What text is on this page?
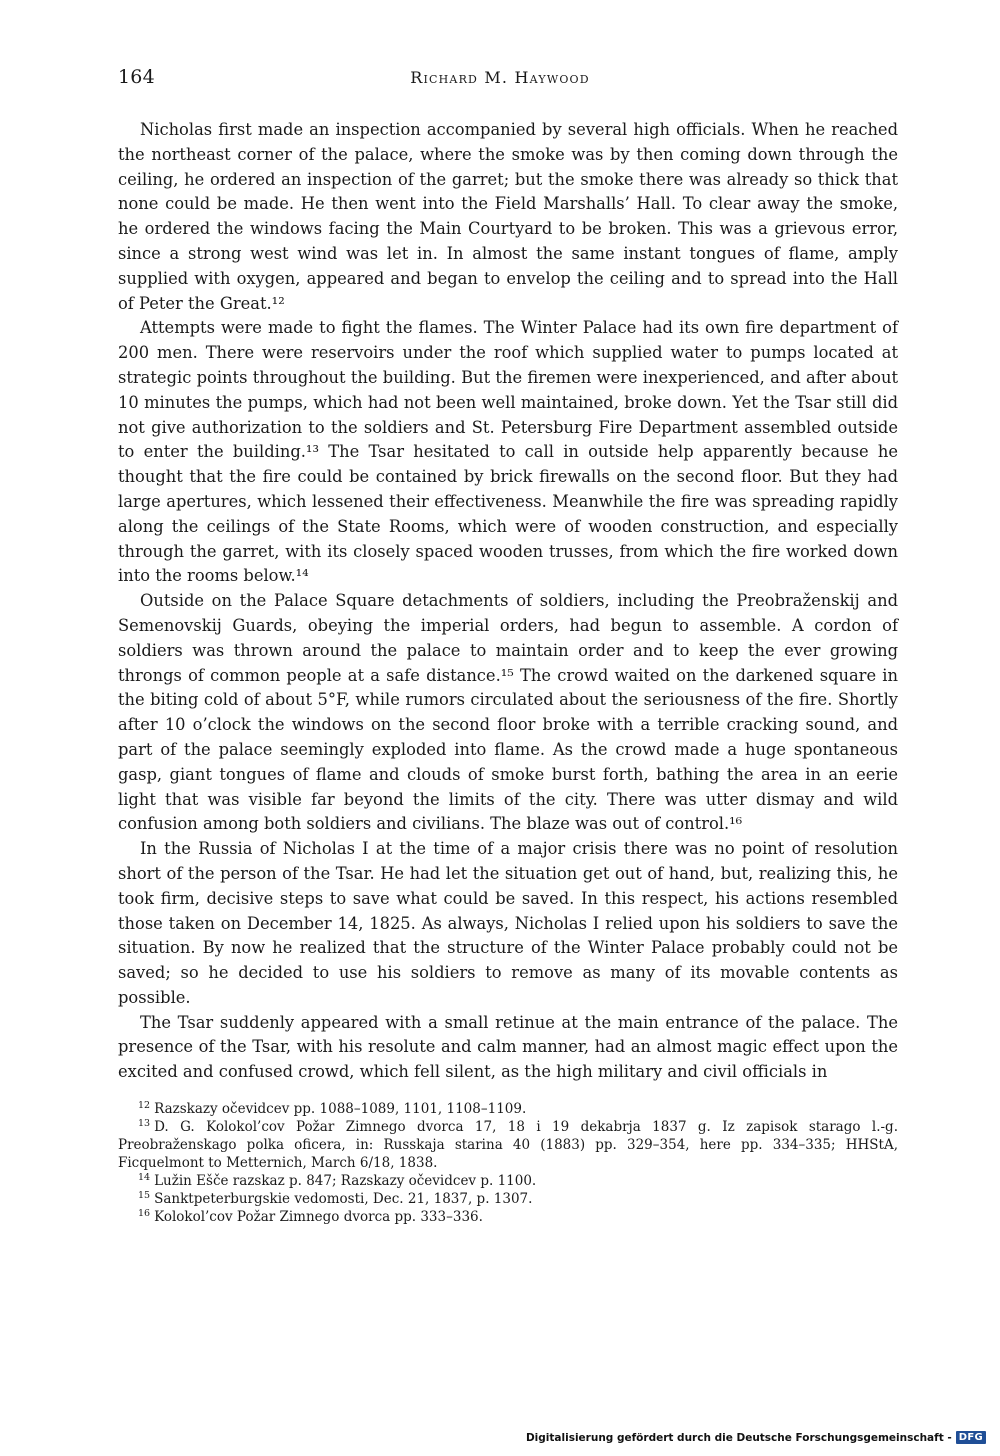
164	Richard M. Haywood

Nicholas first made an inspection accompanied by several high officials. When he reached the northeast corner of the palace, where the smoke was by then coming down through the ceiling, he ordered an inspection of the garret; but the smoke there was already so thick that none could be made. He then went into the Field Marshalls’ Hall. To clear away the smoke, he ordered the windows facing the Main Courtyard to be broken. This was a grievous error, since a strong west wind was let in. In almost the same instant tongues of flame, amply supplied with oxygen, appeared and began to envelop the ceiling and to spread into the Hall of Peter the Great.¹²

Attempts were made to fight the flames. The Winter Palace had its own fire department of 200 men. There were reservoirs under the roof which supplied water to pumps located at strategic points throughout the building. But the firemen were inexperienced, and after about 10 minutes the pumps, which had not been well maintained, broke down. Yet the Tsar still did not give authorization to the soldiers and St. Petersburg Fire Department assembled outside to enter the building.¹³ The Tsar hesitated to call in outside help apparently because he thought that the fire could be contained by brick firewalls on the second floor. But they had large apertures, which lessened their effectiveness. Meanwhile the fire was spreading rapidly along the ceilings of the State Rooms, which were of wooden construction, and especially through the garret, with its closely spaced wooden trusses, from which the fire worked down into the rooms below.¹⁴

Outside on the Palace Square detachments of soldiers, including the Preobraženskij and Semenovskij Guards, obeying the imperial orders, had begun to assemble. A cordon of soldiers was thrown around the palace to maintain order and to keep the ever growing throngs of common people at a safe distance.¹⁵ The crowd waited on the darkened square in the biting cold of about 5°F, while rumors circulated about the seriousness of the fire. Shortly after 10 o’clock the windows on the second floor broke with a terrible cracking sound, and part of the palace seemingly exploded into flame. As the crowd made a huge spontaneous gasp, giant tongues of flame and clouds of smoke burst forth, bathing the area in an eerie light that was visible far beyond the limits of the city. There was utter dismay and wild confusion among both soldiers and civilians. The blaze was out of control.¹⁶

In the Russia of Nicholas I at the time of a major crisis there was no point of resolution short of the person of the Tsar. He had let the situation get out of hand, but, realizing this, he took firm, decisive steps to save what could be saved. In this respect, his actions resembled those taken on December 14, 1825. As always, Nicholas I relied upon his soldiers to save the situation. By now he realized that the structure of the Winter Palace probably could not be saved; so he decided to use his soldiers to remove as many of its movable contents as possible.

The Tsar suddenly appeared with a small retinue at the main entrance of the palace. The presence of the Tsar, with his resolute and calm manner, had an almost magic effect upon the excited and confused crowd, which fell silent, as the high military and civil officials in

$^{12}$ Razskazy očevidcev pp. 1088–1089, 1101, 1108–1109.

$^{13}$ D. G. Kolokol’cov Požar Zimnego dvorca 17, 18 i 19 dekabrja 1837 g. Iz zapisok starago l.-g. Preobraženskago polka oficera, in: Russkaja starina 40 (1883) pp. 329–354, here pp. 334–335; HHStA, Ficquelmont to Metternich, March 6/18, 1838.

$^{14}$ Lužin Ešče razskaz p. 847; Razskazy očevidcev p. 1100.

$^{15}$ Sanktpeterburgskie vedomosti, Dec. 21, 1837, p. 1307.

$^{16}$ Kolokol’cov Požar Zimnego dvorca pp. 333–336.

Digitalisierung gefördert durch die Deutsche Forschungsgemeinschaft - DFG
